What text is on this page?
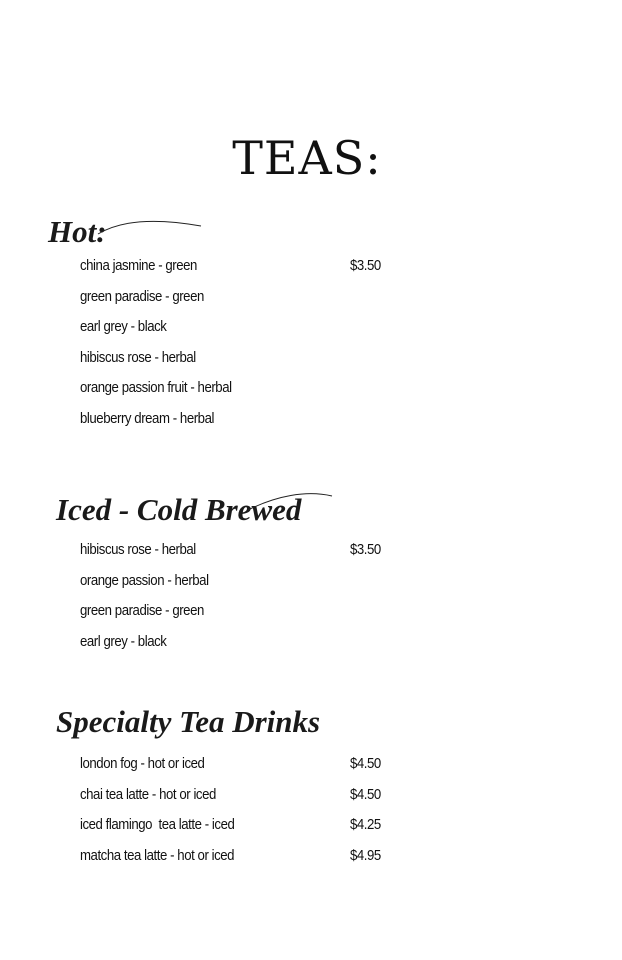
TEAS:
Hot:
china jasmine - green	$3.50
green paradise - green
earl grey - black
hibiscus rose - herbal
orange passion fruit - herbal
blueberry dream - herbal
Iced - Cold Brewed
hibiscus rose - herbal	$3.50
orange passion - herbal
green paradise - green
earl grey - black
Specialty Tea Drinks
london fog - hot or iced	$4.50
chai tea latte - hot or iced	$4.50
iced flamingo  tea latte - iced	$4.25
matcha tea latte - hot or iced	$4.95
